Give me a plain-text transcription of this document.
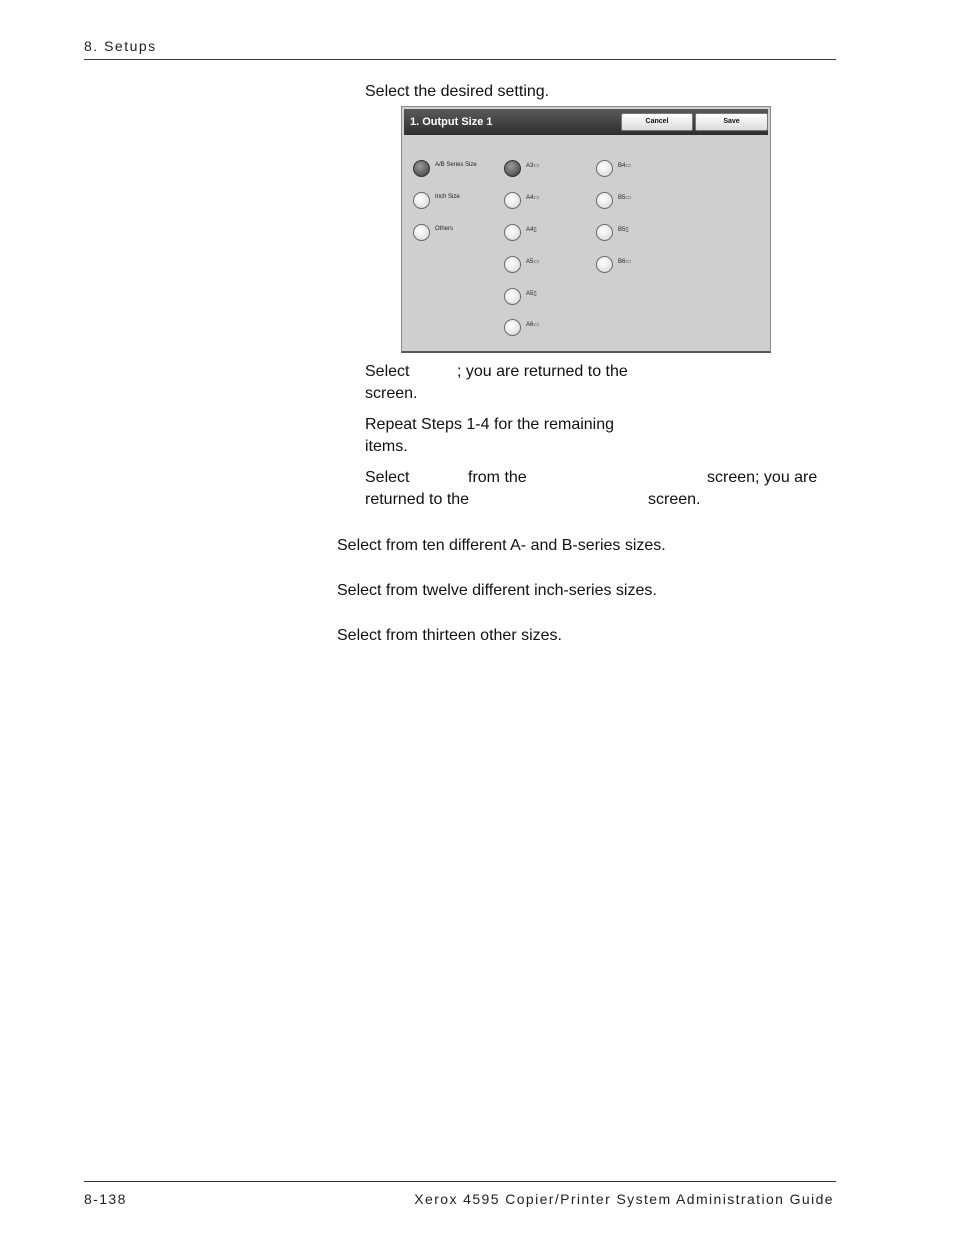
8. Setups
Select the desired setting.
1. Output Size 1	Cancel	Save
A/B Series Size
Inch Size
Others
A3▭
A4▭
A4▯
A5▭
A5▯
A6▭
B4▭
B5▭
B5▯
B6▭
Select	; you are returned to the
screen.
Repeat Steps 1-4 for the remaining
items.
Select	from the	screen; you are
returned to the	screen.
Select from ten different A- and B-series sizes.
Select from twelve different inch-series sizes.
Select from thirteen other sizes.
8-138	Xerox 4595 Copier/Printer System Administration Guide
